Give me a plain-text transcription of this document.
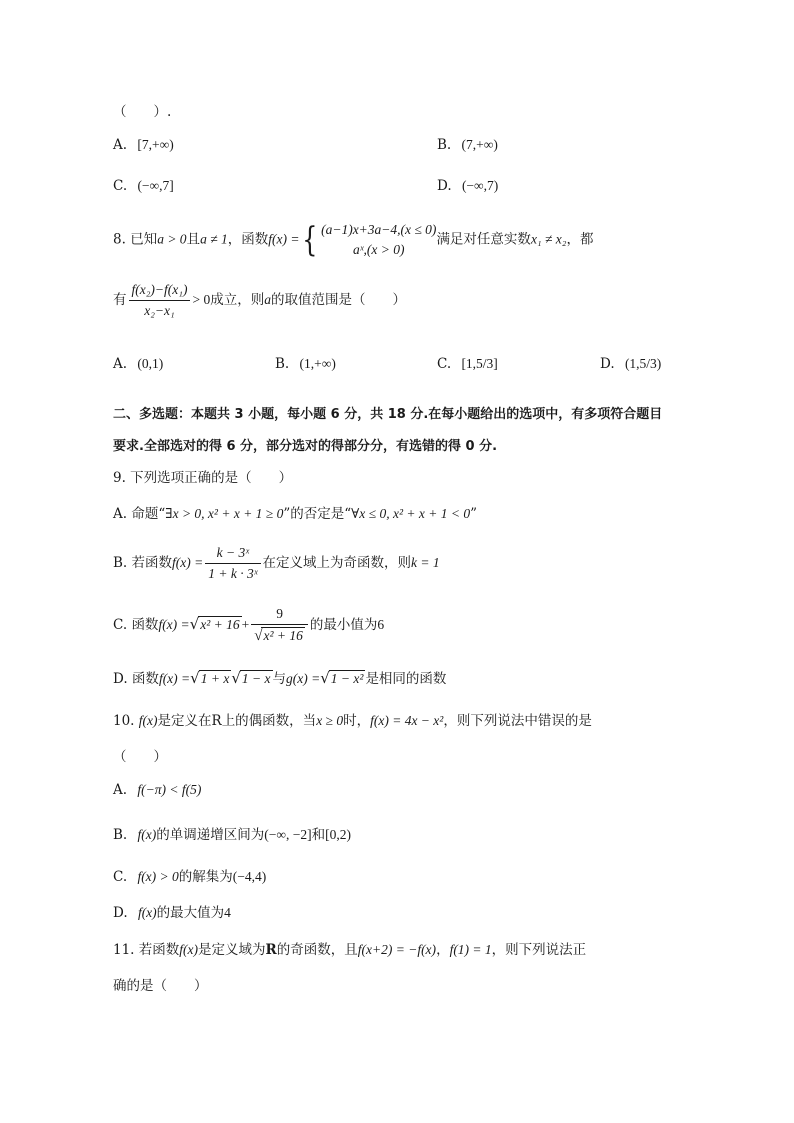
（　　）.
A. [7,+∞)	B. (7,+∞)
C. (−∞,7]	D. (−∞,7)
8. 已知a > 0且a ≠ 1，函数f(x) ={ (a−1)x+3a−4,(x ≤ 0)
aˣ,(x > 0)
满足对任意实数x₁ ≠ x₂，都
有 $\frac{\text{f(x₂)−f(x₁)}}{\text{x₂−x₁}} > 0$成立，则a的取值范围是（　　）
A. (0,1)	B. (1,+∞)	C. [1,5/3]	D. (1,5/3)
二、多选题：本题共 3 小题，每小题 6 分，共 18 分.在每小题给出的选项中，有多项符合题目
要求.全部选对的得 6 分，部分选对的得部分分，有选错的得 0 分.
9. 下列选项正确的是（　　）
A. 命题“∃x > 0, x² + x + 1 ≥ 0”的否定是“∀x ≤ 0, x² + x + 1 < 0”
B. 若函数$f(x) = \frac{\text{k − 3ˣ}}{\text{1 + k · 3ˣ}}$ 在定义域上为奇函数，则k = 1
C. 函数$f(x) =√x^2 + 16 + \frac{9}{\text{√x² + 16}}$ 的最小值为6
D. 函数f(x) =√1 + x √1 − x 与g(x) =√1 − x² 是相同的函数
10. f(x)是定义在R上的偶函数，当x ≥ 0时，f(x) = 4x − x²，则下列说法中错误的是
（　　）
A. f(−π) < f(5)
B. f(x)的单调递增区间为(−∞, −2]和[0,2)
C. f(x) > 0的解集为(−4,4)
D. f(x)的最大值为4
11. 若函数f(x)是定义域为R的奇函数，且f(x+2) = −f(x)，f(1) = 1，则下列说法正
确的是（　　）
